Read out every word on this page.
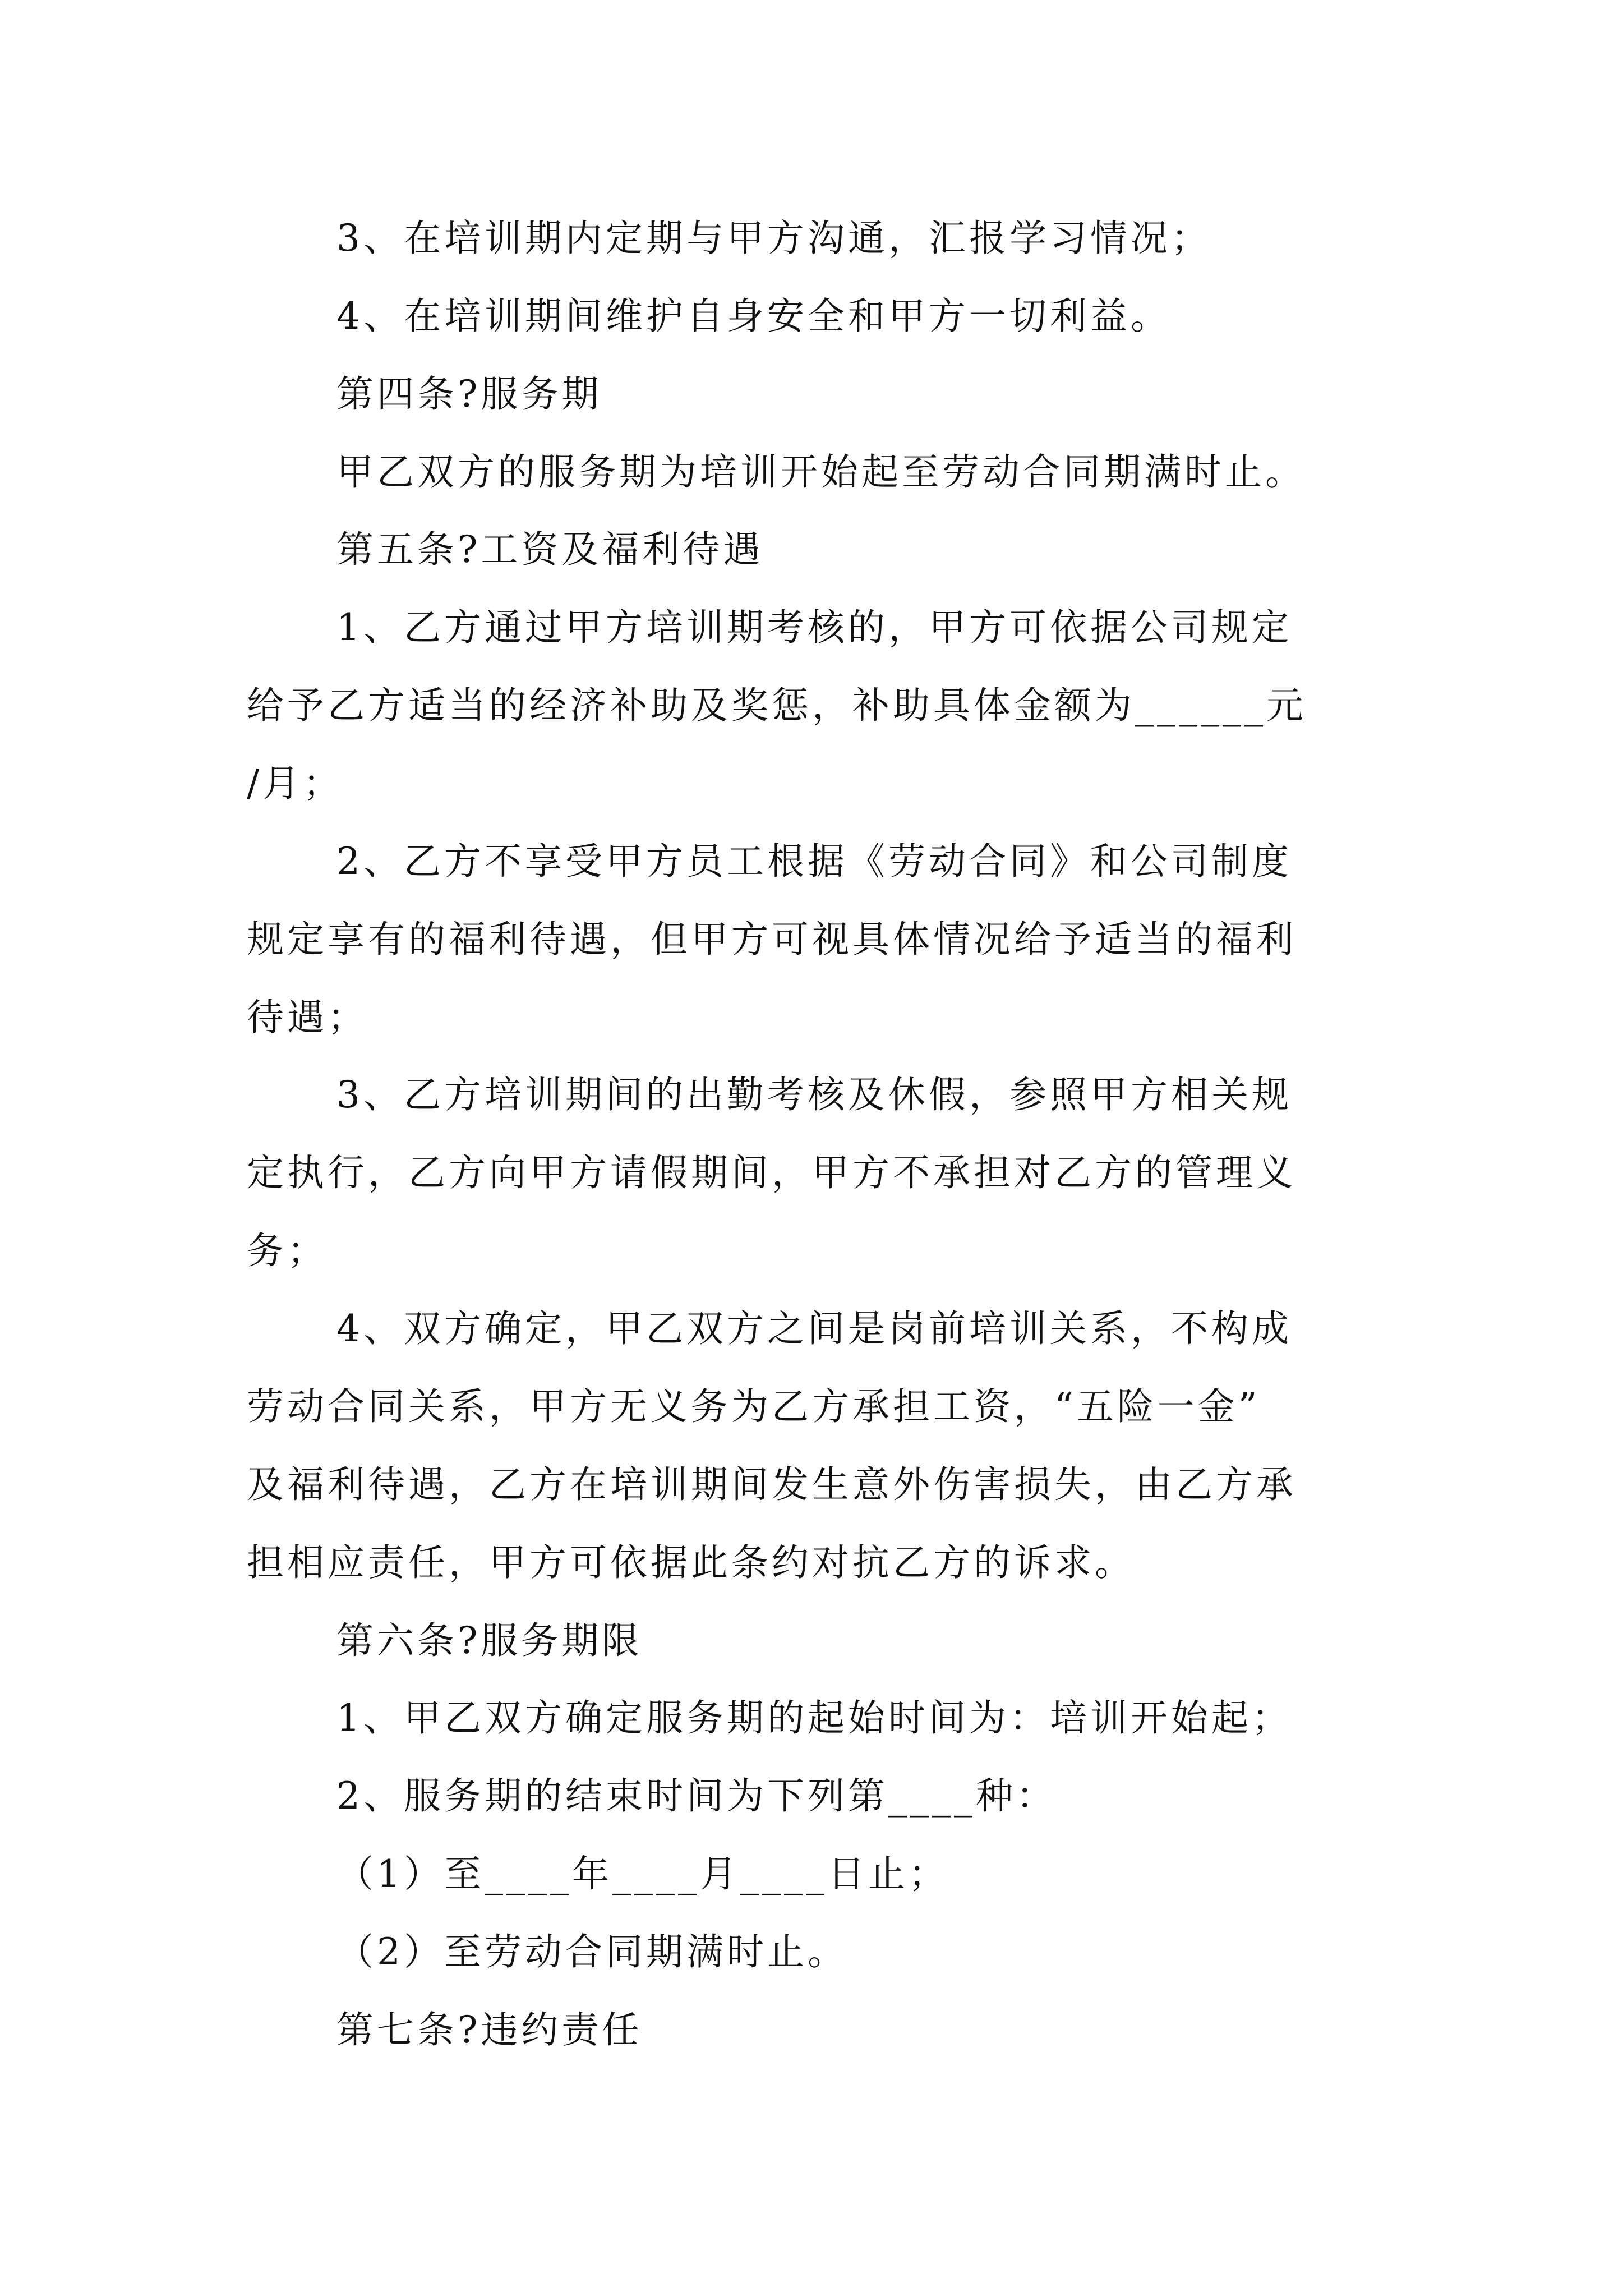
3、在培训期内定期与甲方沟通，汇报学习情况；

4、在培训期间维护自身安全和甲方一切利益。

第四条?服务期

甲乙双方的服务期为培训开始起至劳动合同期满时止。

第五条?工资及福利待遇

1、乙方通过甲方培训期考核的，甲方可依据公司规定

给予乙方适当的经济补助及奖惩，补助具体金额为______元

/月；

2、乙方不享受甲方员工根据《劳动合同》和公司制度

规定享有的福利待遇，但甲方可视具体情况给予适当的福利

待遇；

3、乙方培训期间的出勤考核及休假，参照甲方相关规

定执行，乙方向甲方请假期间，甲方不承担对乙方的管理义

务；

4、双方确定，甲乙双方之间是岗前培训关系，不构成

劳动合同关系，甲方无义务为乙方承担工资，“五险一金”

及福利待遇，乙方在培训期间发生意外伤害损失，由乙方承

担相应责任，甲方可依据此条约对抗乙方的诉求。

第六条?服务期限

1、甲乙双方确定服务期的起始时间为：培训开始起；

2、服务期的结束时间为下列第____种：

（1）至____年____月____日止；

（2）至劳动合同期满时止。

第七条?违约责任
